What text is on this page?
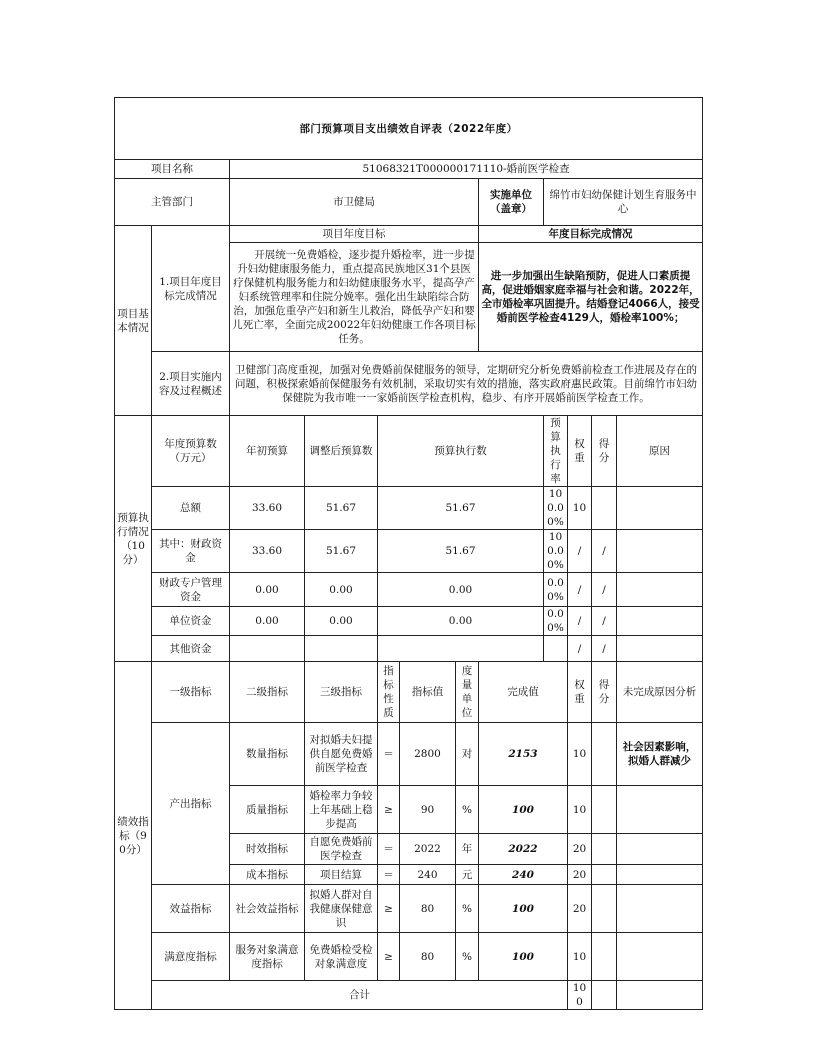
部门预算项目支出绩效自评表（2022年度）											
项目名称		51068321T000000171110-婚前医学检查									
主管部门		市卫健局					实施单位（盖章）	绵竹市妇幼保健计划生育服务中心			
项目基本情况	1.项目年度目标完成情况	项目年度目标					年度目标完成情况				
		开展统一免费婚检，逐步提升婚检率，进一步提升妇幼健康服务能力，重点提高民族地区31个县医疗保健机构服务能力和妇幼健康服务水平，提高孕产妇系统管理率和住院分娩率。强化出生缺陷综合防治，加强危重孕产妇和新生儿救治，降低孕产妇和婴儿死亡率，全面完成20022年妇幼健康工作各项目标任务。					进一步加强出生缺陷预防，促进人口素质提高，促进婚姻家庭幸福与社会和谐。2022年，全市婚检率巩固提升。结婚登记4066人，接受婚前医学检查4129人，婚检率100%；				
	2.项目实施内容及过程概述	卫健部门高度重视，加强对免费婚前保健服务的领导，定期研究分析免费婚前检查工作进展及存在的问题，积极探索婚前保健服务有效机制，采取切实有效的措施，落实政府惠民政策。目前绵竹市妇幼保健院为我市唯一一家婚前医学检查机构，稳步、有序开展婚前医学检查工作。									
预算执行情况（10分）	年度预算数（万元）	年初预算	调整后预算数	预算执行数				预算执行率	权重	得分	原因
	总额	33.60	51.67	51.67				100.00%	10		
	其中：财政资金	33.60	51.67	51.67				100.00%	/	/	
	财政专户管理资金	0.00	0.00	0.00				0.00%	/	/	
	单位资金	0.00	0.00	0.00				0.00%	/	/	
	其他资金								/	/	
绩效指标（90分）	一级指标	二级指标	三级指标	指标性质	指标值	度量单位	完成值		权重	得分	未完成原因分析
	产出指标	数量指标	对拟婚夫妇提供自愿免费婚前医学检查	＝	2800	对	2153		10		社会因素影响，拟婚人群减少
		质量指标	婚检率力争较上年基础上稳步提高	≥	90	%	100		10		
		时效指标	自愿免费婚前医学检查	＝	2022	年	2022		20		
		成本指标	项目结算	＝	240	元	240		20		
	效益指标	社会效益指标	拟婚人群对自我健康保健意识	≥	80	%	100		20		
	满意度指标	服务对象满意度指标	免费婚检受检对象满意度	≥	80	%	100		10		
	合计								100		
